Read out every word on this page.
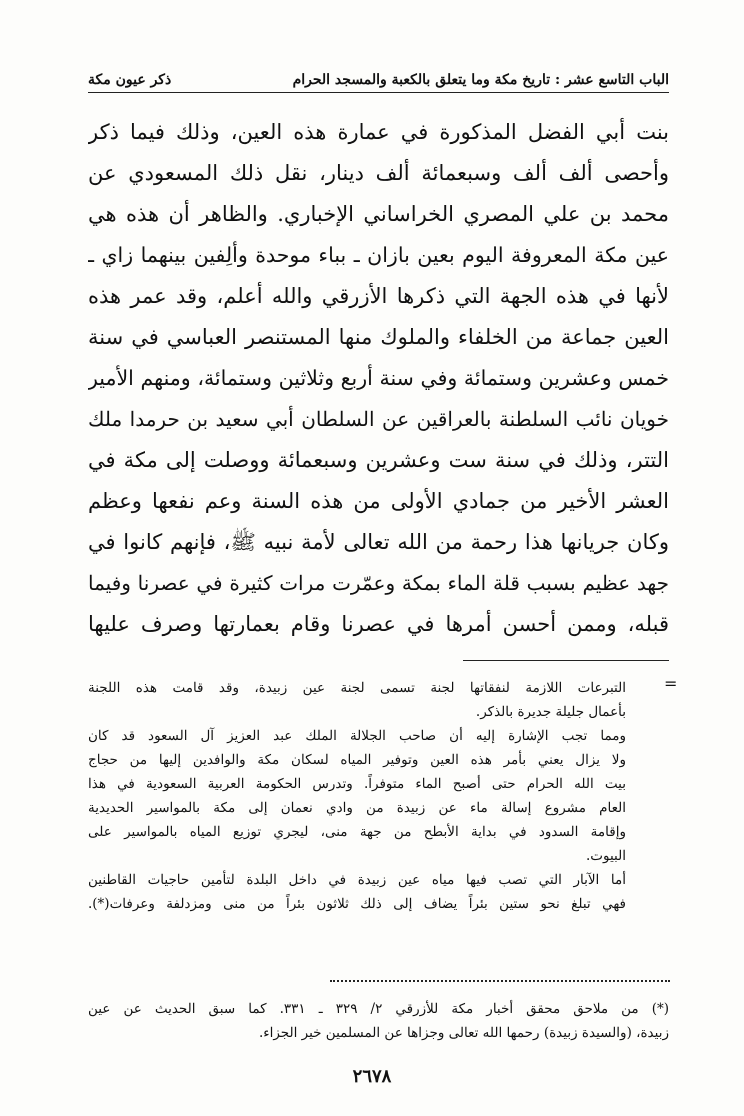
الباب التاسع عشر : تاريخ مكة وما يتعلق بالكعبة والمسجد الحرام
ذكر عيون مكة
بنت أبي الفضل المذكورة في عمارة هذه العين، وذلك فيما ذكر
وأحصى ألف ألف وسبعمائة ألف دينار، نقل ذلك المسعودي عن
محمد بن علي المصري الخراساني الإخباري. والظاهر أن هذه هي
عين مكة المعروفة اليوم بعين بازان ـ بباء موحدة وألِفين بينهما زاي ـ
لأنها في هذه الجهة التي ذكرها الأزرقي والله أعلم، وقد عمر هذه
العين جماعة من الخلفاء والملوك منها المستنصر العباسي في سنة
خمس وعشرين وستمائة وفي سنة أربع وثلاثين وستمائة، ومنهم الأمير
خويان نائب السلطنة بالعراقين عن السلطان أبي سعيد بن حرمدا ملك
التتر، وذلك في سنة ست وعشرين وسبعمائة ووصلت إلى مكة في
العشر الأخير من جمادي الأولى من هذه السنة وعم نفعها وعظم
وكان جريانها هذا رحمة من الله تعالى لأمة نبيه ﷺ، فإنهم كانوا في
جهد عظيم بسبب قلة الماء بمكة وعمّرت مرات كثيرة في عصرنا وفيما
قبله، وممن أحسن أمرها في عصرنا وقام بعمارتها وصرف عليها
=
التبرعات اللازمة لنفقاتها لجنة تسمى لجنة عين زبيدة، وقد قامت هذه اللجنة
بأعمال جليلة جديرة بالذكر.
ومما تجب الإشارة إليه أن صاحب الجلالة الملك عبد العزيز آل السعود قد كان
ولا يزال يعني بأمر هذه العين وتوفير المياه لسكان مكة والوافدين إليها من حجاج
بيت الله الحرام حتى أصبح الماء متوفراً. وتدرس الحكومة العربية السعودية في هذا
العام مشروع إسالة ماء عن زبيدة من وادي نعمان إلى مكة بالمواسير الحديدية
وإقامة السدود في بداية الأبطح من جهة منى، ليجري توزيع المياه بالمواسير على
البيوت.
أما الآبار التي تصب فيها مياه عين زبيدة في داخل البلدة لتأمين حاجيات القاطنين
فهي تبلغ نحو ستين بئراً يضاف إلى ذلك ثلاثون بئراً من منى ومزدلفة وعرفات(*).
(*) من ملاحق محقق أخبار مكة للأزرقي ٢/ ٣٢٩ ـ ٣٣١. كما سبق الحديث عن عين
زبيدة، (والسيدة زبيدة) رحمها الله تعالى وجزاها عن المسلمين خير الجزاء.
٢٦٧٨
